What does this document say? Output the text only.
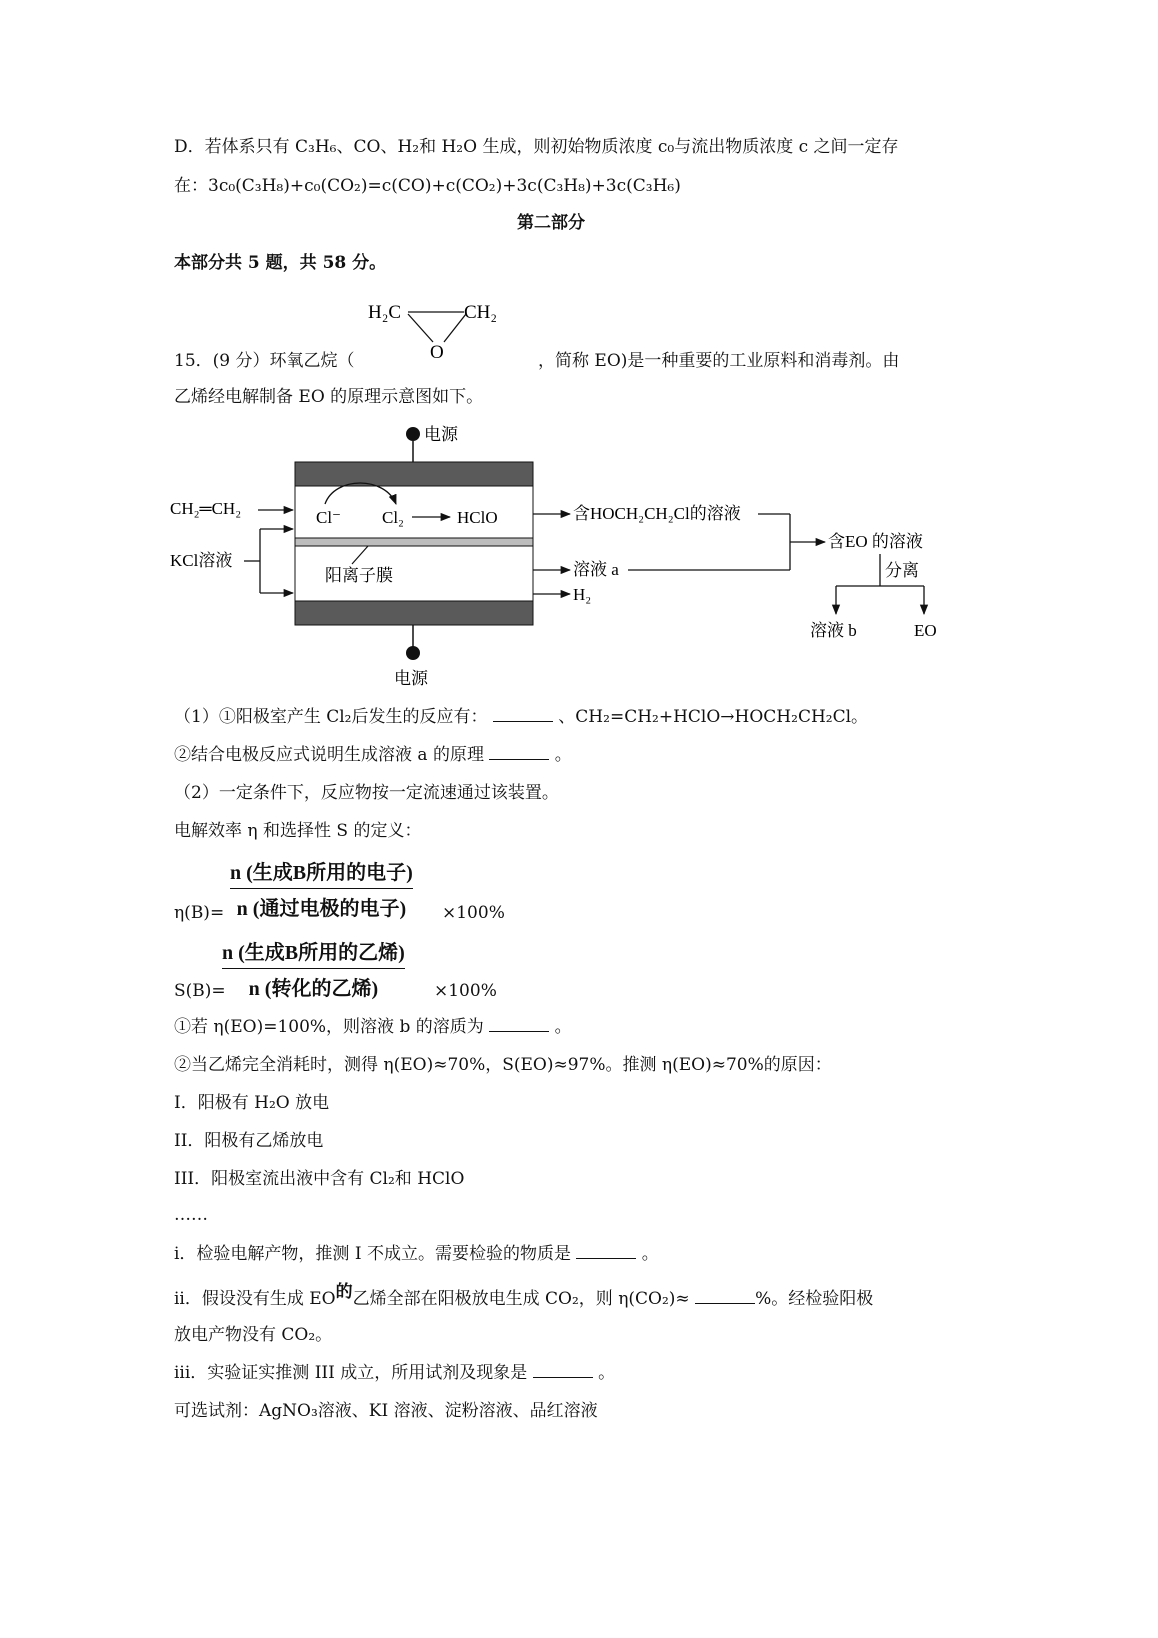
D．若体系只有 C₃H₆、CO、H₂和 H₂O 生成，则初始物质浓度 c₀与流出物质浓度 c 之间一定存
在：3c₀(C₃H₈)+c₀(CO₂)=c(CO)+c(CO₂)+3c(C₃H₈)+3c(C₃H₆)
第二部分
本部分共 5 题，共 58 分。
H₂C	CH₂
O
15．(9 分）环氧乙烷（	，简称 EO)是一种重要的工业原料和消毒剂。由
乙烯经电解制备 EO 的原理示意图如下。
电源
电源
CH₂═CH₂
KCl溶液
Cl⁻ Cl₂	HClO
阳离子膜
含HOCH₂CH₂Cl的溶液
溶液 a
H₂
含EO 的溶液
分离
溶液 b	EO
（1）①阳极室产生 Cl₂后发生的反应有：	、CH₂=CH₂+HClO→HOCH₂CH₂Cl。
②结合电极反应式说明生成溶液 a 的原理	。
（2）一定条件下，反应物按一定流速通过该装置。
电解效率 η 和选择性 S 的定义：
n (生成B所用的电子)
n (通过电极的电子)
η(B)=	×100%
n (生成B所用的乙烯)
n (转化的乙烯)
S(B)=	×100%
①若 η(EO)=100%，则溶液 b 的溶质为	。
②当乙烯完全消耗时，测得 η(EO)≈70%，S(EO)≈97%。推测 η(EO)≈70%的原因：
I．阳极有 H₂O 放电
II．阳极有乙烯放电
III．阳极室流出液中含有 Cl₂和 HClO
……
i．检验电解产物，推测 I 不成立。需要检验的物质是	。
ii．假设没有生成 EO的乙烯全部在阳极放电生成 CO₂，则 η(CO₂)≈	%。经检验阳极
放电产物没有 CO₂。
iii．实验证实推测 III 成立，所用试剂及现象是	。
可选试剂：AgNO₃溶液、KI 溶液、淀粉溶液、品红溶液
